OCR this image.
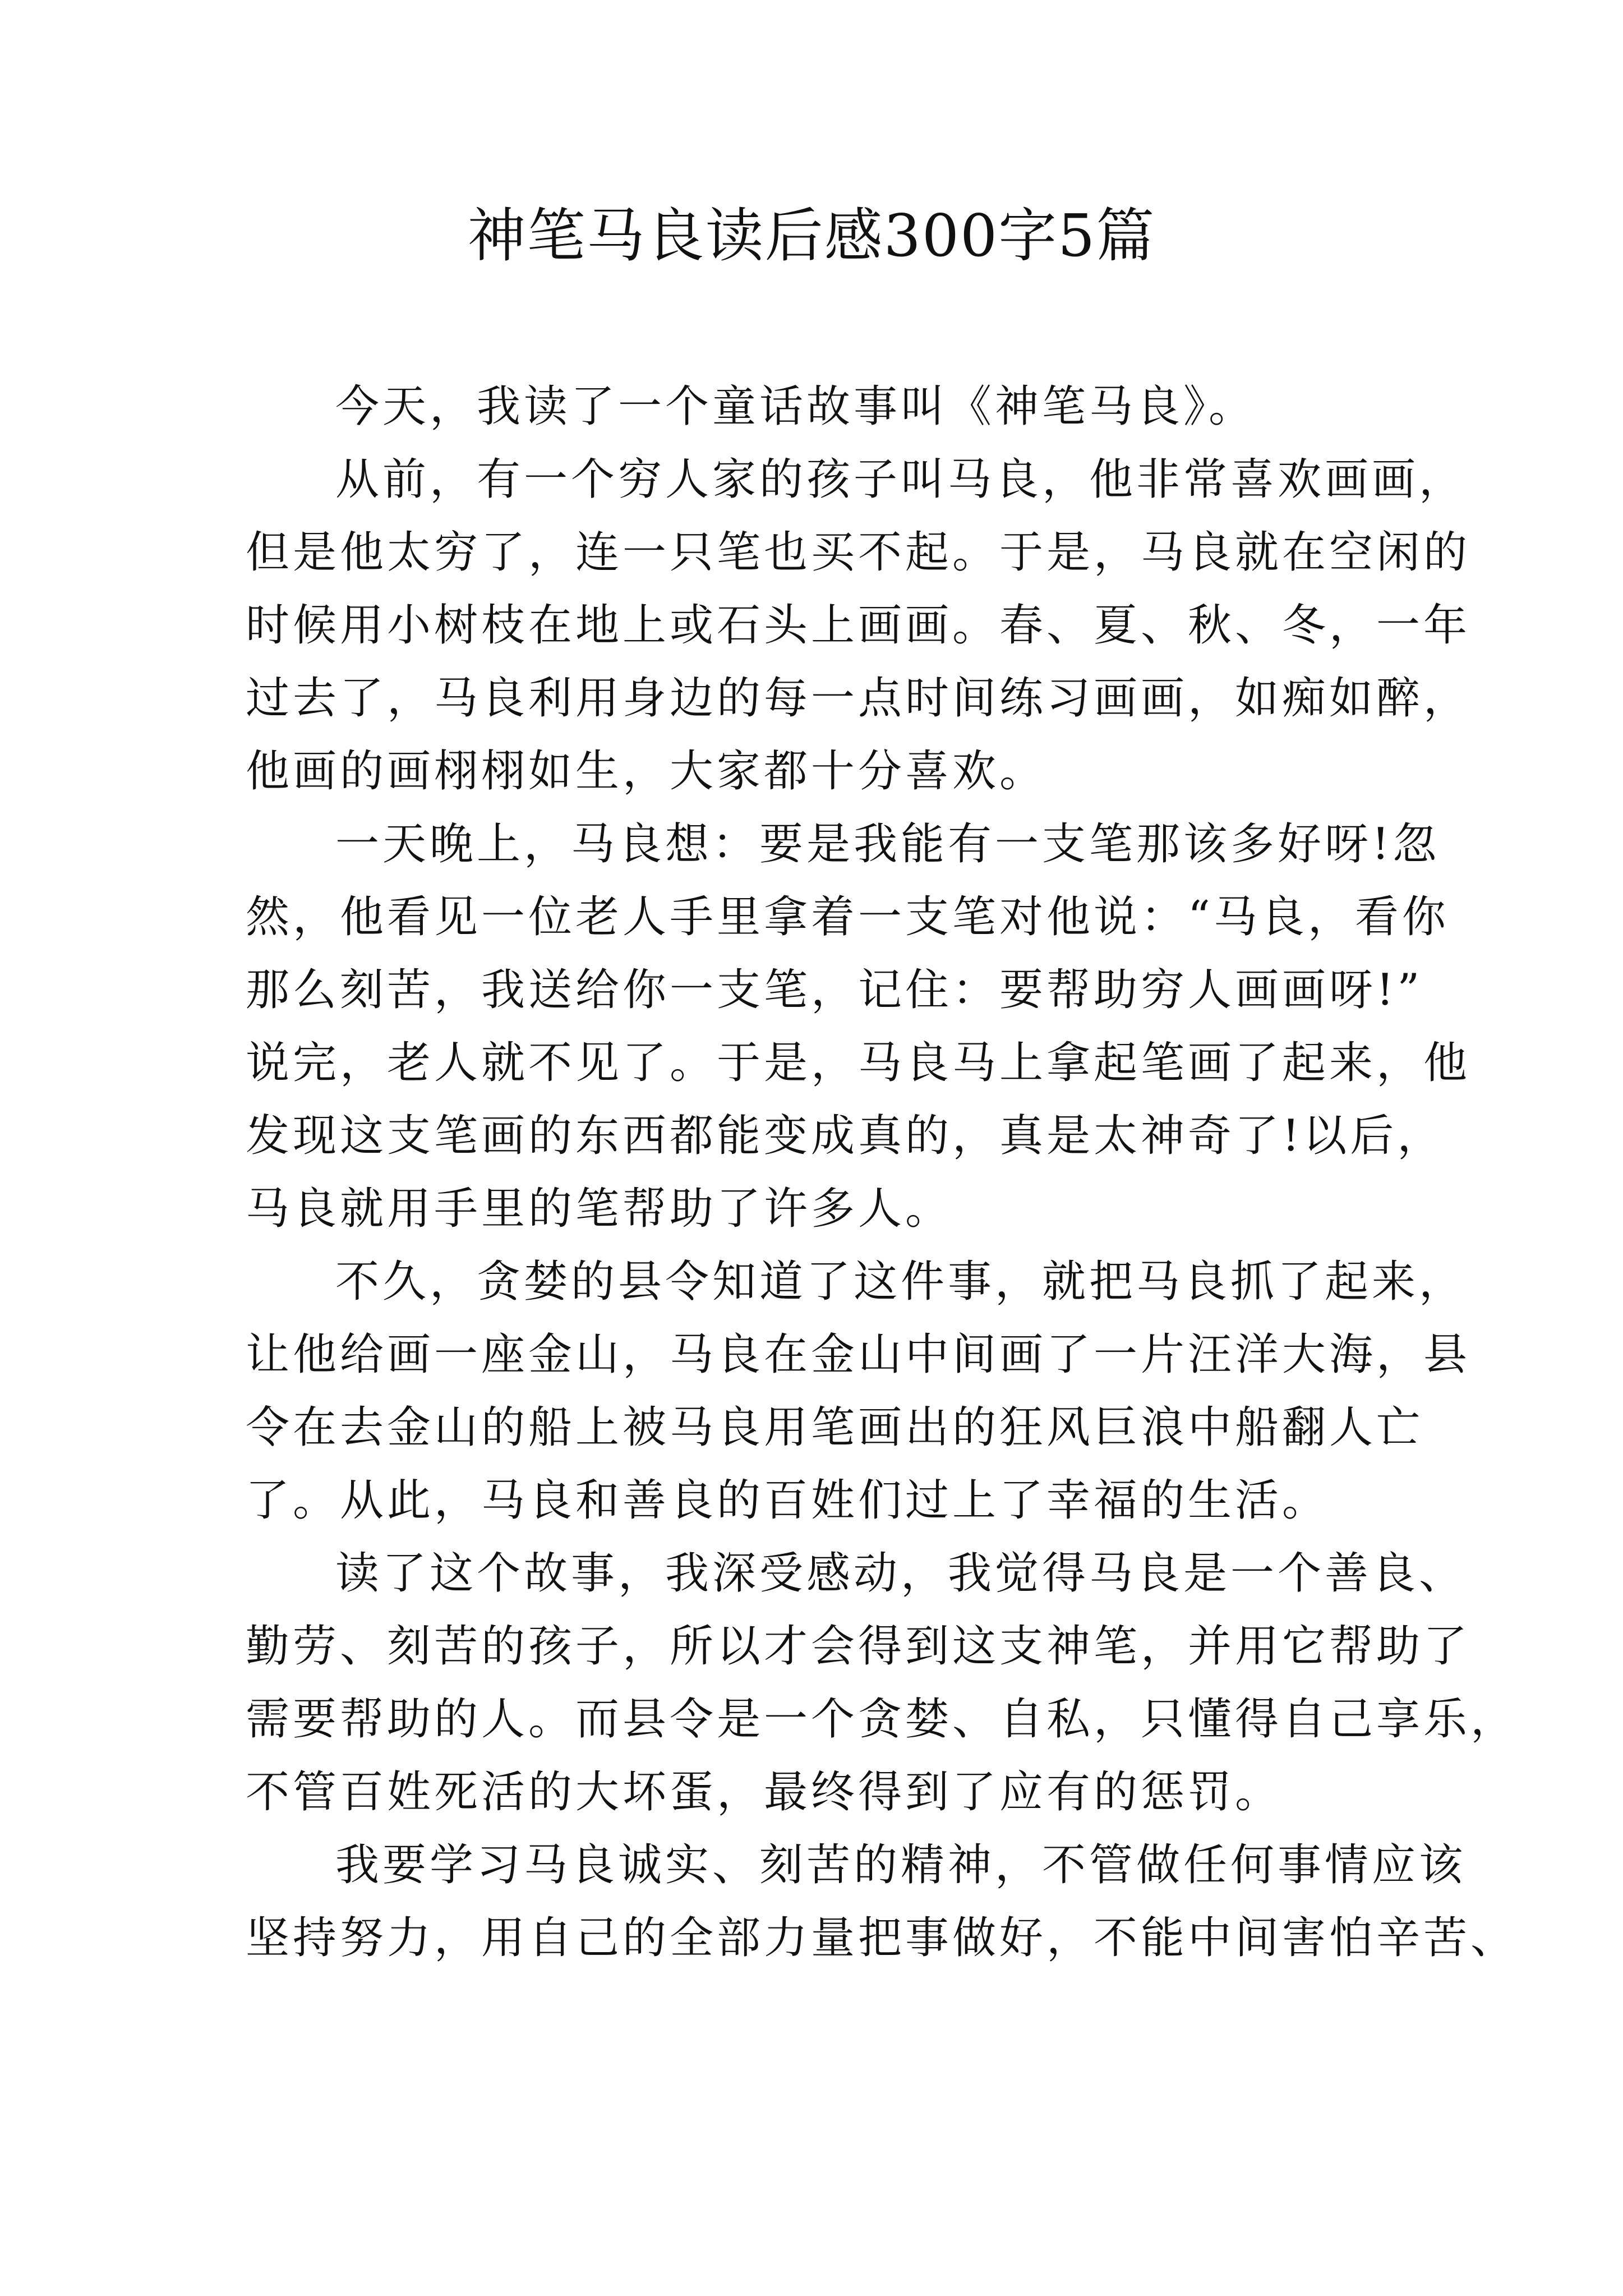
神笔马良读后感300字5篇
今天，我读了一个童话故事叫《神笔马良》。
从前，有一个穷人家的孩子叫马良，他非常喜欢画画，
但是他太穷了，连一只笔也买不起。于是，马良就在空闲的
时候用小树枝在地上或石头上画画。春、夏、秋、冬，一年
过去了，马良利用身边的每一点时间练习画画，如痴如醉，
他画的画栩栩如生，大家都十分喜欢。
一天晚上，马良想：要是我能有一支笔那该多好呀!忽
然，他看见一位老人手里拿着一支笔对他说：“马良，看你
那么刻苦，我送给你一支笔，记住：要帮助穷人画画呀!”
说完，老人就不见了。于是，马良马上拿起笔画了起来，他
发现这支笔画的东西都能变成真的，真是太神奇了!以后，
马良就用手里的笔帮助了许多人。
不久，贪婪的县令知道了这件事，就把马良抓了起来，
让他给画一座金山，马良在金山中间画了一片汪洋大海，县
令在去金山的船上被马良用笔画出的狂风巨浪中船翻人亡
了。从此，马良和善良的百姓们过上了幸福的生活。
读了这个故事，我深受感动，我觉得马良是一个善良、
勤劳、刻苦的孩子，所以才会得到这支神笔，并用它帮助了
需要帮助的人。而县令是一个贪婪、自私，只懂得自己享乐，
不管百姓死活的大坏蛋，最终得到了应有的惩罚。
我要学习马良诚实、刻苦的精神，不管做任何事情应该
坚持努力，用自己的全部力量把事做好，不能中间害怕辛苦、
